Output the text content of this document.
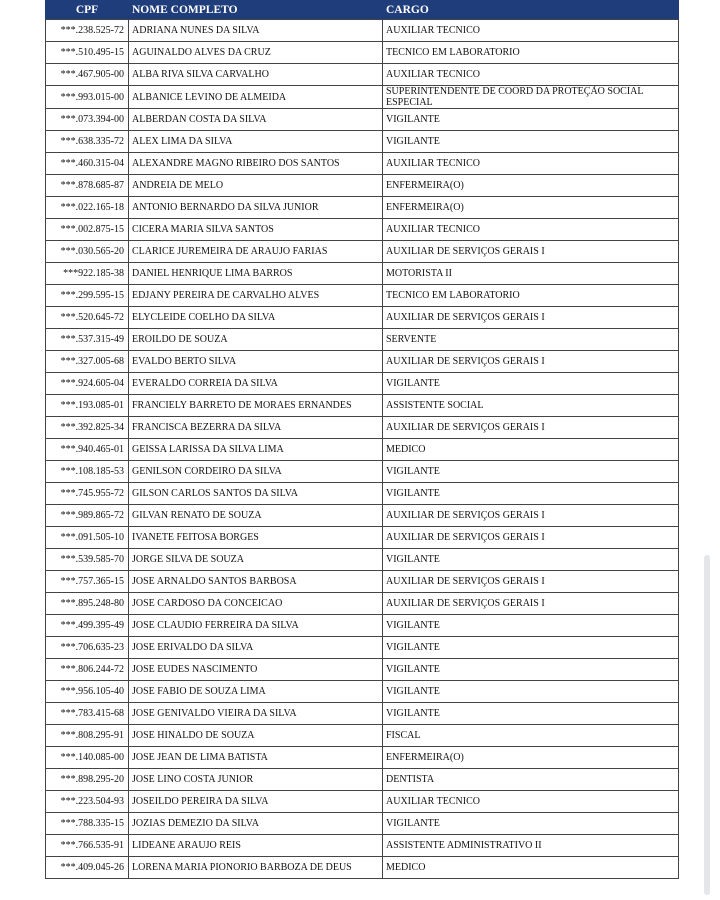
CPF	NOME COMPLETO	CARGO
***.238.525-72	ADRIANA NUNES DA SILVA	AUXILIAR TECNICO
***.510.495-15	AGUINALDO ALVES DA CRUZ	TECNICO EM LABORATORIO
***.467.905-00	ALBA RIVA SILVA CARVALHO	AUXILIAR TECNICO
***.993.015-00	ALBANICE LEVINO DE ALMEIDA	SUPERINTENDENTE DE COORD DA PROTEÇÃO SOCIAL ESPECIAL
***.073.394-00	ALBERDAN COSTA DA SILVA	VIGILANTE
***.638.335-72	ALEX LIMA DA SILVA	VIGILANTE
***.460.315-04	ALEXANDRE MAGNO RIBEIRO DOS SANTOS	AUXILIAR TECNICO
***.878.685-87	ANDREIA DE MELO	ENFERMEIRA(O)
***.022.165-18	ANTONIO BERNARDO DA SILVA JUNIOR	ENFERMEIRA(O)
***.002.875-15	CICERA MARIA SILVA SANTOS	AUXILIAR TECNICO
***.030.565-20	CLARICE JUREMEIRA DE ARAUJO FARIAS	AUXILIAR DE SERVIÇOS GERAIS I
***922.185-38	DANIEL HENRIQUE LIMA BARROS	MOTORISTA II
***.299.595-15	EDJANY PEREIRA DE CARVALHO ALVES	TECNICO EM LABORATORIO
***.520.645-72	ELYCLEIDE COELHO DA SILVA	AUXILIAR DE SERVIÇOS GERAIS I
***.537.315-49	EROILDO DE SOUZA	SERVENTE
***.327.005-68	EVALDO BERTO SILVA	AUXILIAR DE SERVIÇOS GERAIS I
***.924.605-04	EVERALDO CORREIA DA SILVA	VIGILANTE
***.193.085-01	FRANCIELY BARRETO DE MORAES ERNANDES	ASSISTENTE SOCIAL
***.392.825-34	FRANCISCA BEZERRA DA SILVA	AUXILIAR DE SERVIÇOS GERAIS I
***.940.465-01	GEISSA LARISSA DA SILVA LIMA	MEDICO
***.108.185-53	GENILSON CORDEIRO DA SILVA	VIGILANTE
***.745.955-72	GILSON CARLOS SANTOS DA SILVA	VIGILANTE
***.989.865-72	GILVAN RENATO DE SOUZA	AUXILIAR DE SERVIÇOS GERAIS I
***.091.505-10	IVANETE FEITOSA BORGES	AUXILIAR DE SERVIÇOS GERAIS I
***.539.585-70	JORGE SILVA DE SOUZA	VIGILANTE
***.757.365-15	JOSE ARNALDO SANTOS BARBOSA	AUXILIAR DE SERVIÇOS GERAIS I
***.895.248-80	JOSE CARDOSO DA CONCEICAO	AUXILIAR DE SERVIÇOS GERAIS I
***.499.395-49	JOSE CLAUDIO FERREIRA DA SILVA	VIGILANTE
***.706.635-23	JOSE ERIVALDO DA SILVA	VIGILANTE
***.806.244-72	JOSE EUDES NASCIMENTO	VIGILANTE
***.956.105-40	JOSE FABIO DE SOUZA LIMA	VIGILANTE
***.783.415-68	JOSE GENIVALDO VIEIRA DA SILVA	VIGILANTE
***.808.295-91	JOSE HINALDO DE SOUZA	FISCAL
***.140.085-00	JOSE JEAN DE LIMA BATISTA	ENFERMEIRA(O)
***.898.295-20	JOSE LINO COSTA JUNIOR	DENTISTA
***.223.504-93	JOSEILDO PEREIRA DA SILVA	AUXILIAR TECNICO
***.788.335-15	JOZIAS DEMEZIO DA SILVA	VIGILANTE
***.766.535-91	LIDEANE ARAUJO REIS	ASSISTENTE ADMINISTRATIVO II
***.409.045-26	LORENA MARIA PIONORIO BARBOZA DE DEUS	MEDICO
